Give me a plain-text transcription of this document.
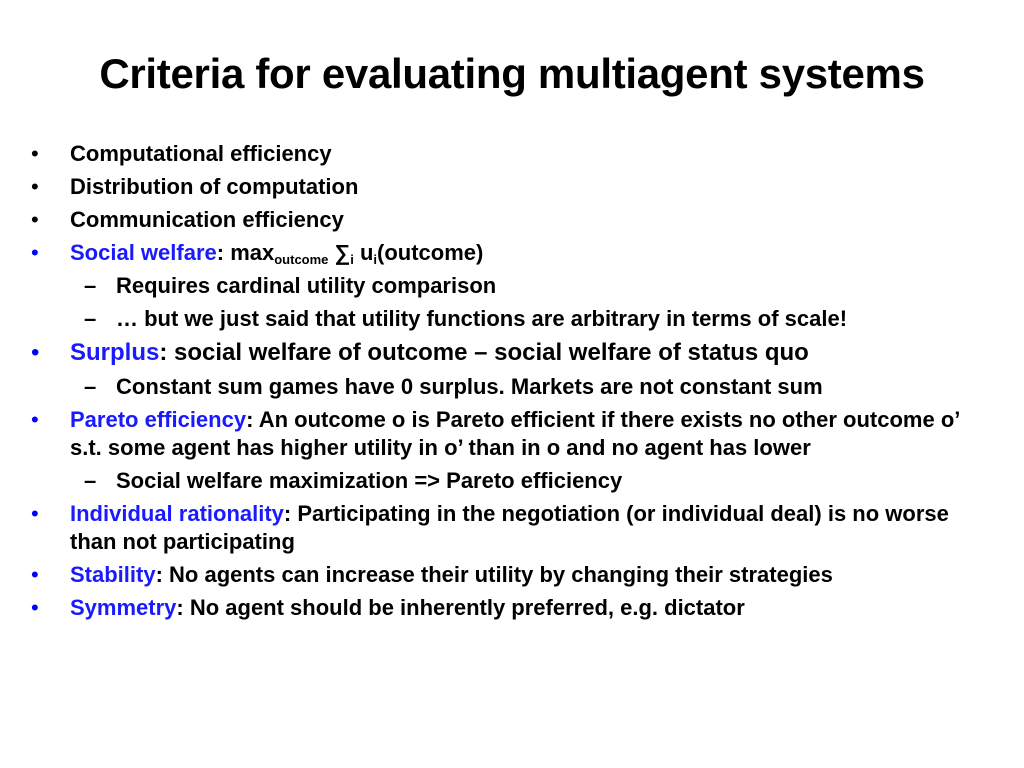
Criteria for evaluating multiagent systems
• Computational efficiency
• Distribution of computation
• Communication efficiency
• Social welfare: $\max_{outcome} \sum_i$ $u_i(outcome)$
– Requires cardinal utility comparison
– … but we just said that utility functions are arbitrary in terms of scale!
• Surplus: social welfare of outcome – social welfare of status quo
– Constant sum games have 0 surplus. Markets are not constant sum
• Pareto efficiency: An outcome o is Pareto efficient if there exists no other outcome o’ s.t. some agent has higher utility in o’ than in o and no agent has lower
– Social welfare maximization => Pareto efficiency
• Individual rationality: Participating in the negotiation (or individual deal) is no worse than not participating
• Stability: No agents can increase their utility by changing their strategies
• Symmetry: No agent should be inherently preferred, e.g. dictator
